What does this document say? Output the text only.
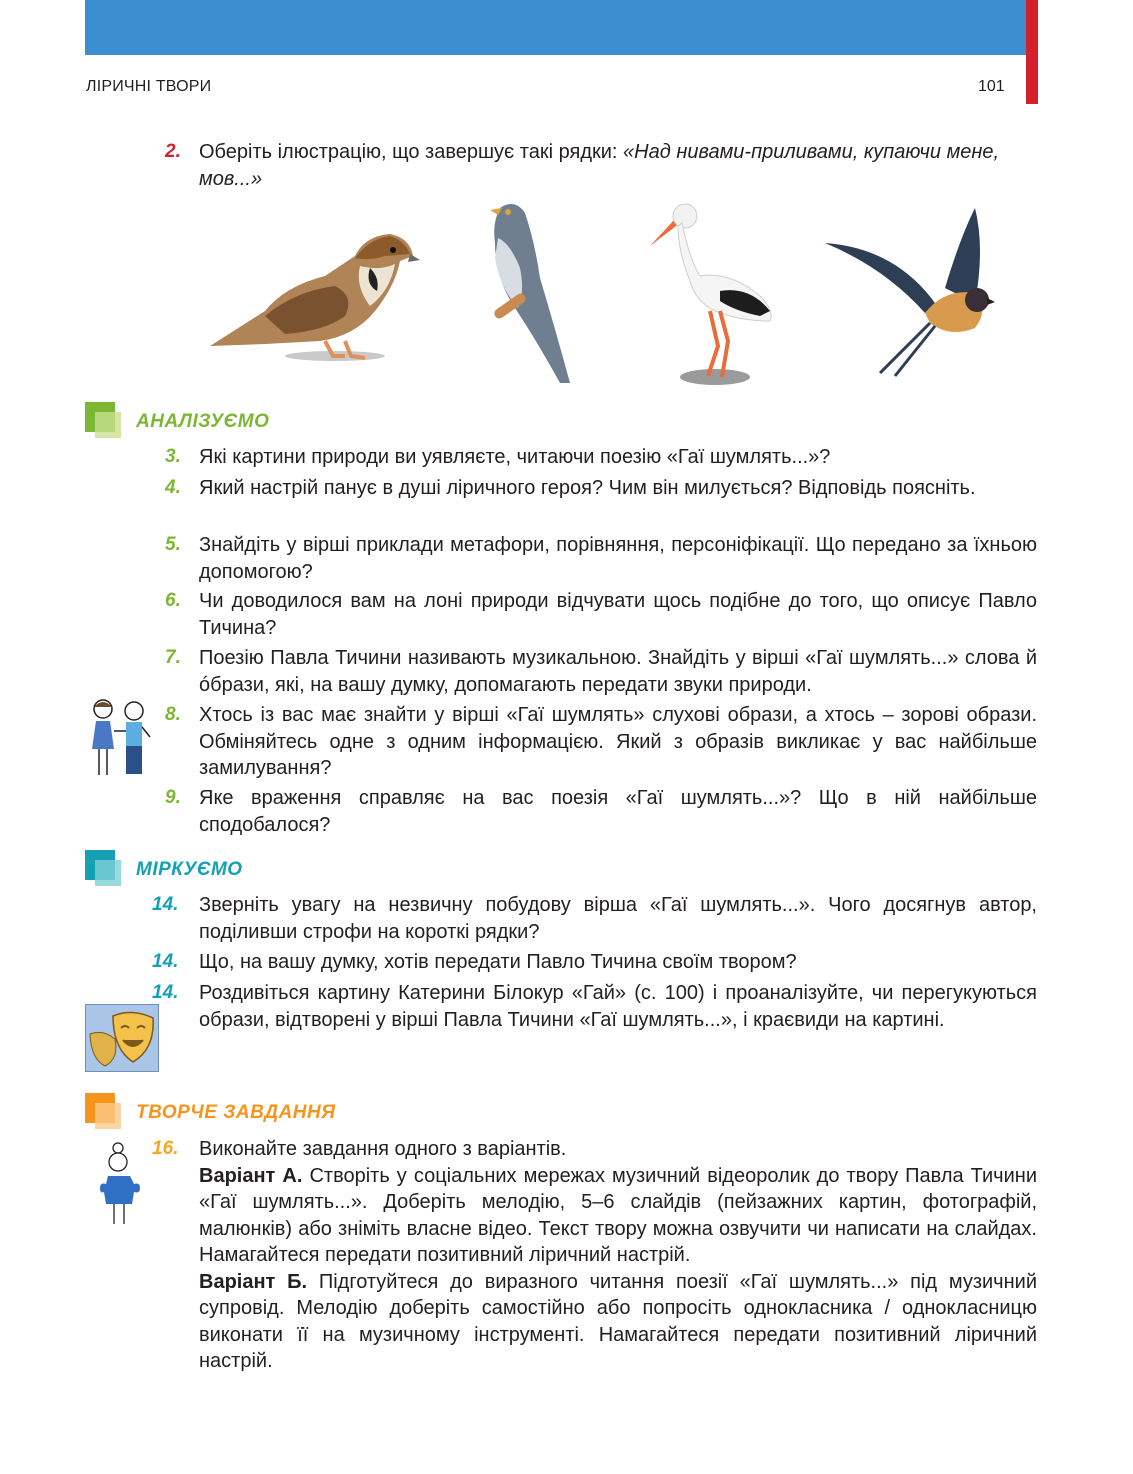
ЛІРИЧНІ ТВОРИ	101
2. Оберіть ілюстрацію, що завершує такі рядки: «Над нивами-приливами, купаючи мене, мов...»
АНАЛІЗУЄМО
3. Які картини природи ви уявляєте, читаючи поезію «Гаї шумлять...»?
4. Який настрій панує в душі ліричного героя? Чим він милується? Відповідь поясніть.
5. Знайдіть у вірші приклади метафори, порівняння, персоніфікації. Що передано за їхньою допомогою?
6. Чи доводилося вам на лоні природи відчувати щось подібне до того, що описує Павло Тичина?
7. Поезію Павла Тичини називають музикальною. Знайдіть у вірші «Гаї шумлять...» слова й óбрази, які, на вашу думку, допомагають передати звуки природи.
8. Хтось із вас має знайти у вірші «Гаї шумлять» слухові образи, а хтось – зорові образи. Обміняйтесь одне з одним інформацією. Який з образів викликає у вас найбільше замилування?
9. Яке враження справляє на вас поезія «Гаї шумлять...»? Що в ній найбільше сподобалося?
МІРКУЄМО
14. Зверніть увагу на незвичну побудову вірша «Гаї шумлять...». Чого досягнув автор, поділивши строфи на короткі рядки?
14. Що, на вашу думку, хотів передати Павло Тичина своїм твором?
14. Роздивіться картину Катерини Білокур «Гай» (с. 100) і проаналізуйте, чи перегукуються образи, відтворені у вірші Павла Тичини «Гаї шумлять...», і краєвиди на картині.
ТВОРЧЕ ЗАВДАННЯ
16. Виконайте завдання одного з варіантів.
Варіант А. Створіть у соціальних мережах музичний відеоролик до твору Павла Тичини «Гаї шумлять...». Доберіть мелодію, 5–6 слайдів (пейзажних картин, фотографій, малюнків) або зніміть власне відео. Текст твору можна озвучити чи написати на слайдах. Намагайтеся передати позитивний ліричний настрій.
Варіант Б. Підготуйтеся до виразного читання поезії «Гаї шумлять...» під музичний супровід. Мелодію доберіть самостійно або попросіть однокласника / однокласницю виконати її на музичному інструменті. Намагайтеся передати позитивний ліричний настрій.
